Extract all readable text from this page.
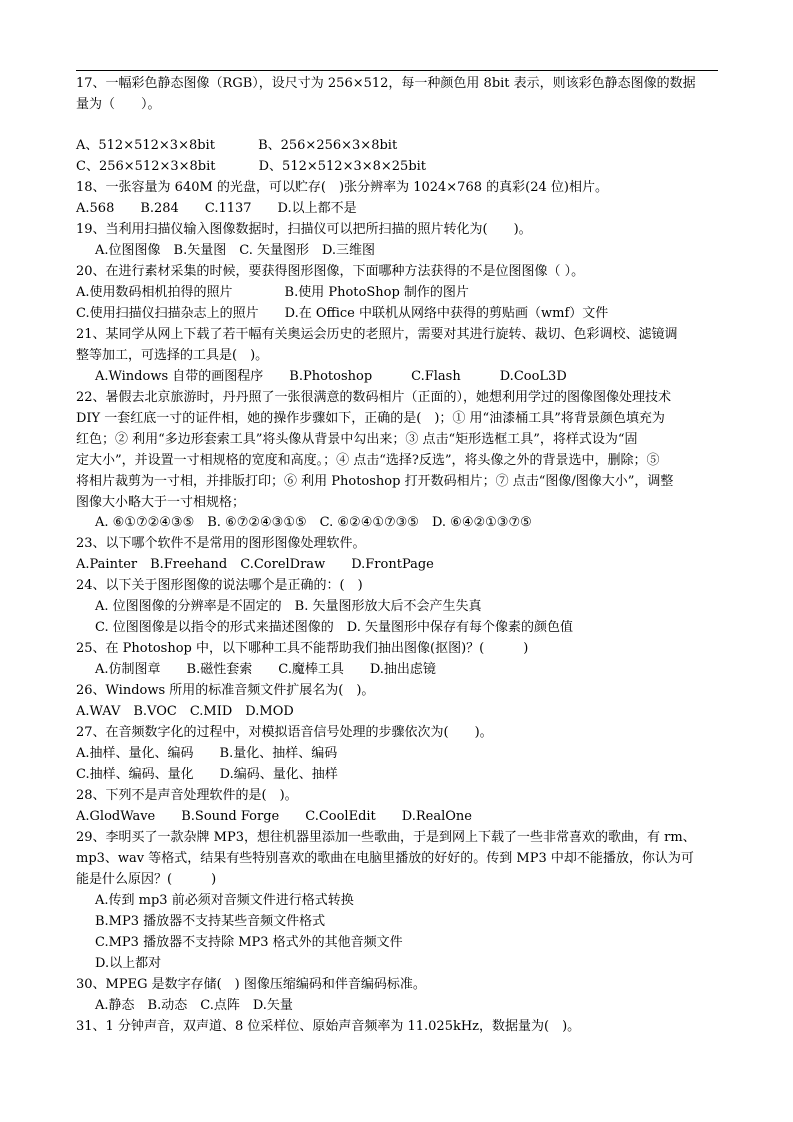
17、一幅彩色静态图像（RGB），设尺寸为 256×512，每一种颜色用 8bit 表示，则该彩色静态图像的数据
量为（　　）。
A、512×512×3×8bit　　　 B、256×256×3×8bit
C、256×512×3×8bit　　　 D、512×512×3×8×25bit
18、一张容量为 640M 的光盘，可以贮存(　)张分辨率为 1024×768 的真彩(24 位)相片。
A.568　　B.284　　C.1137　　D.以上都不是
19、当利用扫描仪输入图像数据时，扫描仪可以把所扫描的照片转化为(　　)。
A.位图图像　B.矢量图　C. 矢量图形　D.三维图
20、在进行素材采集的时候，要获得图形图像，下面哪种方法获得的不是位图图像（ ）。
A.使用数码相机拍得的照片　　　　B.使用 PhotoShop 制作的图片
C.使用扫描仪扫描杂志上的照片　　D.在 Office 中联机从网络中获得的剪贴画（wmf）文件
21、某同学从网上下载了若干幅有关奥运会历史的老照片，需要对其进行旋转、裁切、色彩调校、滤镜调
整等加工，可选择的工具是(　)。
A.Windows 自带的画图程序　　B.Photoshop　　　C.Flash　　　D.CooL3D
22、暑假去北京旅游时，丹丹照了一张很满意的数码相片（正面的），她想利用学过的图像图像处理技术
DIY 一套红底一寸的证件相，她的操作步骤如下，正确的是(　)；① 用“油漆桶工具”将背景颜色填充为
红色；② 利用“多边形套索工具”将头像从背景中勾出来；③ 点击“矩形选框工具”，将样式设为“固
定大小”，并设置一寸相规格的宽度和高度。；④ 点击“选择?反选”，将头像之外的背景选中，删除；⑤
将相片裁剪为一寸相，并排版打印；⑥ 利用 Photoshop 打开数码相片；⑦ 点击“图像/图像大小”，调整
图像大小略大于一寸相规格；
A. ⑥①⑦②④③⑤　B. ⑥⑦②④③①⑤　C. ⑥②④①⑦③⑤　D. ⑥④②①③⑦⑤
23、以下哪个软件不是常用的图形图像处理软件。
A.Painter　B.Freehand　C.CorelDraw　　D.FrontPage
24、以下关于图形图像的说法哪个是正确的：(　)
A. 位图图像的分辨率是不固定的　B. 矢量图形放大后不会产生失真
C. 位图图像是以指令的形式来描述图像的　D. 矢量图形中保存有每个像素的颜色值
25、在 Photoshop 中，以下哪种工具不能帮助我们抽出图像(抠图)？(　　　)
A.仿制图章　　B.磁性套索　　C.魔棒工具　　D.抽出虑镜
26、Windows 所用的标准音频文件扩展名为(　)。
A.WAV　B.VOC　C.MID　D.MOD
27、在音频数字化的过程中，对模拟语音信号处理的步骤依次为(　　)。
A.抽样、量化、编码　　B.量化、抽样、编码
C.抽样、编码、量化　　D.编码、量化、抽样
28、下列不是声音处理软件的是(　)。
A.GlodWave　　B.Sound Forge　　C.CoolEdit　　D.RealOne
29、李明买了一款杂牌 MP3，想往机器里添加一些歌曲，于是到网上下载了一些非常喜欢的歌曲，有 rm、
mp3、wav 等格式，结果有些特别喜欢的歌曲在电脑里播放的好好的。传到 MP3 中却不能播放，你认为可
能是什么原因？(　　　)
A.传到 mp3 前必须对音频文件进行格式转换
B.MP3 播放器不支持某些音频文件格式
C.MP3 播放器不支持除 MP3 格式外的其他音频文件
D.以上都对
30、MPEG 是数字存储(　) 图像压缩编码和伴音编码标准。
A.静态　B.动态　C.点阵　D.矢量
31、1 分钟声音，双声道、8 位采样位、原始声音频率为 11.025kHz，数据量为(　)。
